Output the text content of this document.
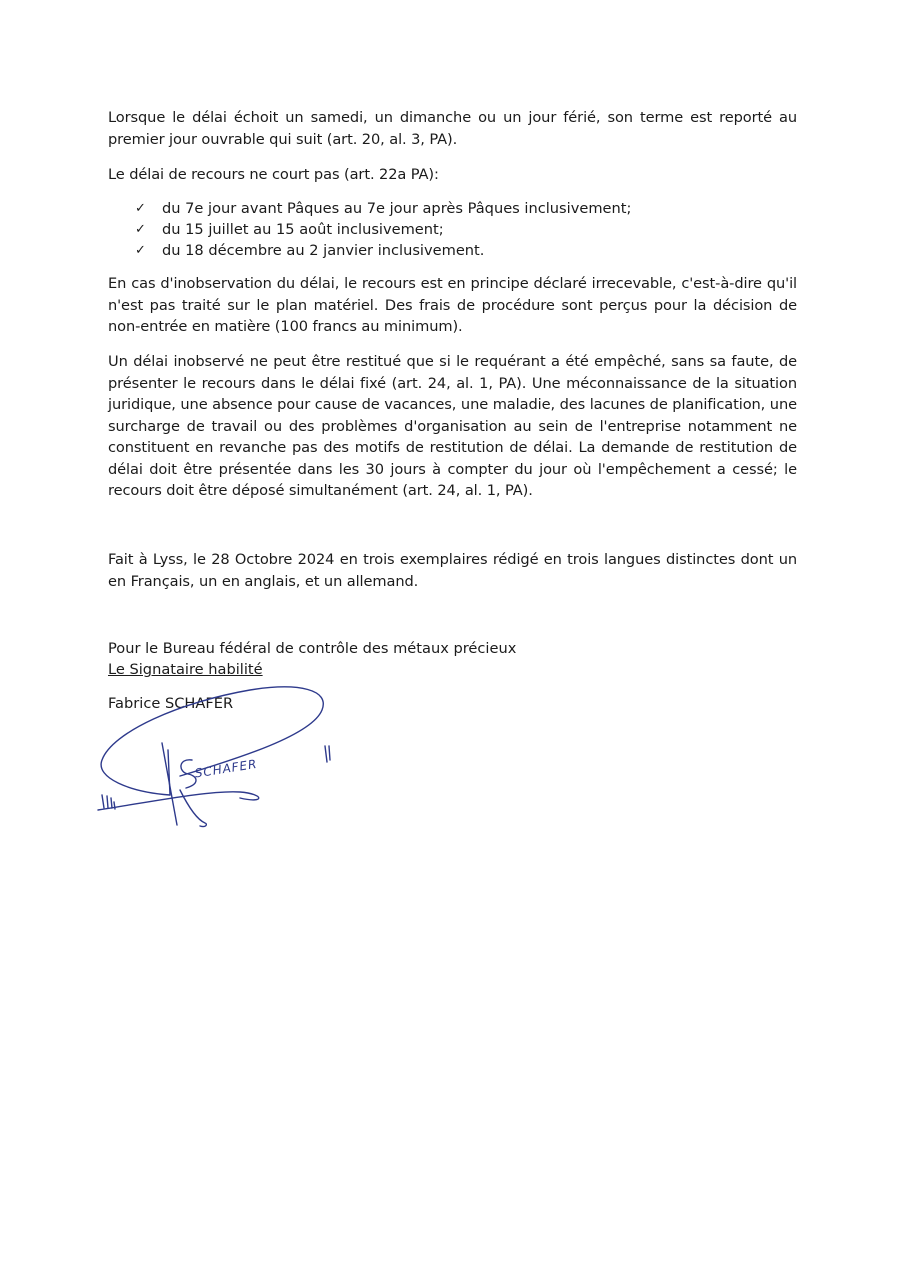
Lorsque le délai échoit un samedi, un dimanche ou un jour férié, son terme est reporté au premier jour ouvrable qui suit (art. 20, al. 3, PA).

Le délai de recours ne court pas (art. 22a PA):

✓ du 7e jour avant Pâques au 7e jour après Pâques inclusivement;
✓ du 15 juillet au 15 août inclusivement;
✓ du 18 décembre au 2 janvier inclusivement.

En cas d'inobservation du délai, le recours est en principe déclaré irrecevable, c'est-à-dire qu'il n'est pas traité sur le plan matériel. Des frais de procédure sont perçus pour la décision de non-entrée en matière (100 francs au minimum).

Un délai inobservé ne peut être restitué que si le requérant a été empêché, sans sa faute, de présenter le recours dans le délai fixé (art. 24, al. 1, PA). Une méconnaissance de la situation juridique, une absence pour cause de vacances, une maladie, des lacunes de planification, une surcharge de travail ou des problèmes d'organisation au sein de l'entreprise notamment ne constituent en revanche pas des motifs de restitution de délai. La demande de restitution de délai doit être présentée dans les 30 jours à compter du jour où l'empêchement a cessé; le recours doit être déposé simultanément (art. 24, al. 1, PA).

Fait à Lyss, le 28 Octobre 2024 en trois exemplaires rédigé en trois langues distinctes dont un en Français, un en anglais, et un allemand.

Pour le Bureau fédéral de contrôle des métaux précieux
Le Signataire habilité
Fabrice SCHAFER
SCHAFER
